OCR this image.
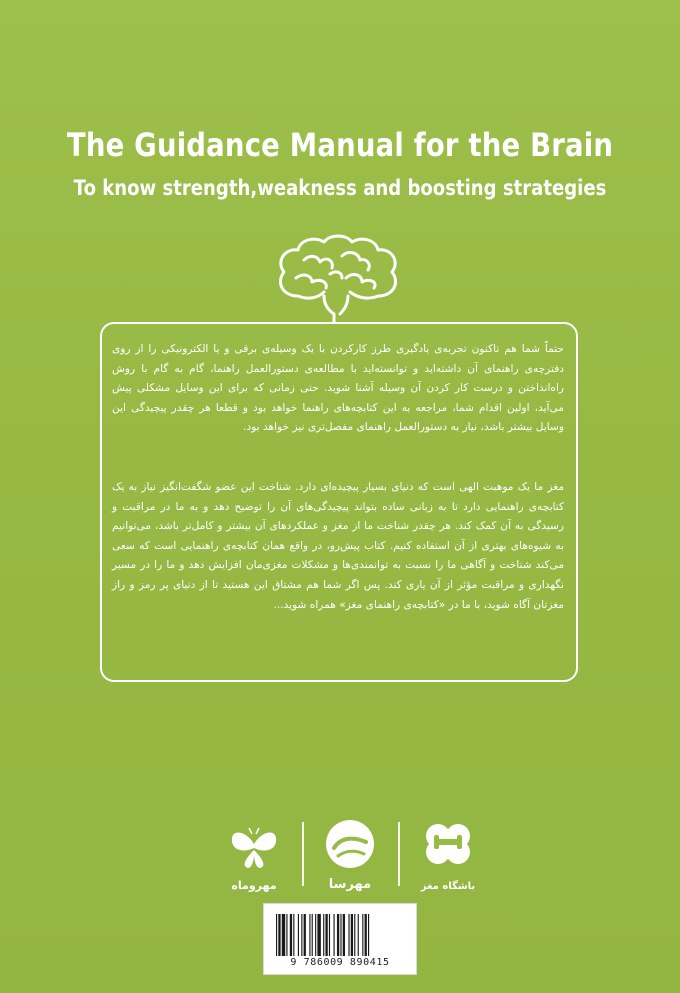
The Guidance Manual for the Brain
To know strength,weakness and boosting strategies
حتماً شما هم تاکنون تجربه‌ی یادگیری طرز کارکردن با یک وسیله‌ی برقی و یا الکترونیکی را از روی دفترچه‌ی راهنمای آن داشته‌اید و توانسته‌اید با مطالعه‌ی دستورالعمل راهنما، گام به گام با روش راه‌انداختن و درست کار کردن آن وسیله آشنا شوید. حتی زمانی که برای این وسایل مشکلی پیش می‌آید، اولین اقدام شما، مراجعه به این کتابچه‌های راهنما خواهد بود و قطعا هر چقدر پیچیدگی این وسایل بیشتر باشد، نیاز به دستورالعمل راهنمای مفصل‌تری نیز خواهد بود.
مغز ما یک موهبت الهی است که دنیای بسیار پیچیده‌ای دارد. شناخت این عضو شگفت‌انگیز نیاز به یک کتابچه‌ی راهنمایی دارد تا به زبانی ساده بتواند پیچیدگی‌های آن را توضیح دهد و به ما در مراقبت و رسیدگی به آن کمک کند. هر چقدر شناخت ما از مغز و عملکردهای آن بیشتر و کامل‌تر باشد، می‌توانیم به شیوه‌های بهتری از آن استفاده کنیم. کتاب پیش‌رو، در واقع همان کتابچه‌ی راهنمایی است که سعی می‌کند شناخت و آگاهی ما را نسبت به توانمندی‌ها و مشکلات مغزی‌مان افزایش دهد و ما را در مسیر نگهداری و مراقبت مؤثر از آن یاری کند. پس اگر شما هم مشتاق این هستید تا از دنیای پر رمز و راز مغزتان آگاه شوید، با ما در «کتابچه‌ی راهنمای مغز» همراه شوید...
مهروماه	مهرسا	باشگاه مغز
9 786009 890415
